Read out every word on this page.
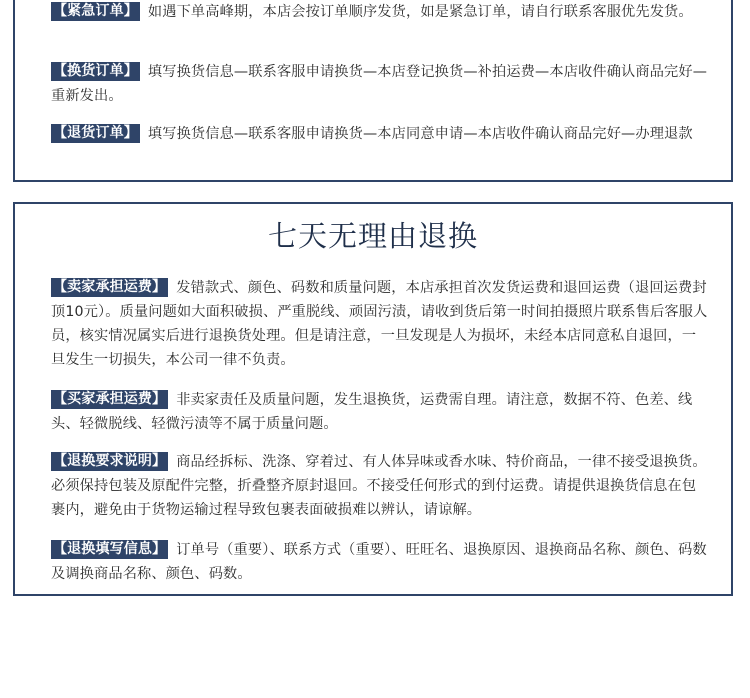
【紧急订单】 如遇下单高峰期，本店会按订单顺序发货，如是紧急订单，请自行联系客服优先发货。
【换货订单】 填写换货信息—联系客服申请换货—本店登记换货—补拍运费—本店收件确认商品完好—重新发出。
【退货订单】 填写换货信息—联系客服申请换货—本店同意申请—本店收件确认商品完好—办理退款
七天无理由退换
【卖家承担运费】 发错款式、颜色、码数和质量问题，本店承担首次发货运费和退回运费（退回运费封顶10元）。质量问题如大面积破损、严重脱线、顽固污渍，请收到货后第一时间拍摄照片联系售后客服人员，核实情况属实后进行退换货处理。但是请注意，一旦发现是人为损坏，未经本店同意私自退回，一旦发生一切损失，本公司一律不负责。
【买家承担运费】 非卖家责任及质量问题，发生退换货，运费需自理。请注意，数据不符、色差、线头、轻微脱线、轻微污渍等不属于质量问题。
【退换要求说明】 商品经拆标、洗涤、穿着过、有人体异味或香水味、特价商品，一律不接受退换货。必须保持包装及原配件完整，折叠整齐原封退回。不接受任何形式的到付运费。请提供退换货信息在包裹内，避免由于货物运输过程导致包裹表面破损难以辨认，请谅解。
【退换填写信息】 订单号（重要）、联系方式（重要）、旺旺名、退换原因、退换商品名称、颜色、码数及调换商品名称、颜色、码数。
